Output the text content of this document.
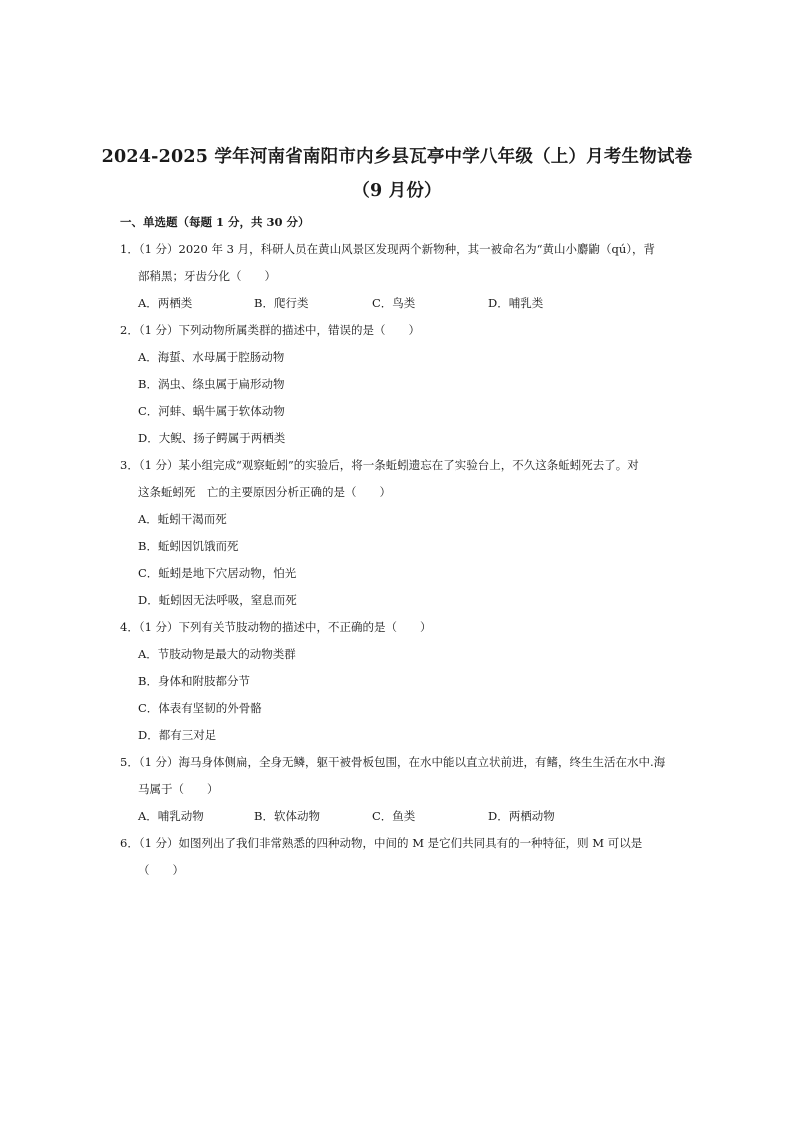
2024-2025 学年河南省南阳市内乡县瓦亭中学八年级（上）月考生物试卷
（9 月份）
一、单选题（每题 1 分，共 30 分）
1．（1 分）2020 年 3 月，科研人员在黄山风景区发现两个新物种，其一被命名为“黄山小麝鼩（qú），背
部稍黑；牙齿分化（　　）
A．两栖类	B．爬行类	C．鸟类	D．哺乳类
2．（1 分）下列动物所属类群的描述中，错误的是（　　）
A．海蜇、水母属于腔肠动物
B．涡虫、绦虫属于扁形动物
C．河蚌、蜗牛属于软体动物
D．大鲵、扬子鳄属于两栖类
3．（1 分）某小组完成“观察蚯蚓”的实验后，将一条蚯蚓遗忘在了实验台上，不久这条蚯蚓死去了。对
这条蚯蚓死　亡的主要原因分析正确的是（　　）
A．蚯蚓干渴而死
B．蚯蚓因饥饿而死
C．蚯蚓是地下穴居动物，怕光
D．蚯蚓因无法呼吸，窒息而死
4．（1 分）下列有关节肢动物的描述中，不正确的是（　　）
A．节肢动物是最大的动物类群
B．身体和附肢都分节
C．体表有坚韧的外骨骼
D．都有三对足
5．（1 分）海马身体侧扁，全身无鳞，躯干被骨板包围，在水中能以直立状前进，有鳍，终生生活在水中.海
马属于（　　）
A．哺乳动物	B．软体动物	C．鱼类	D．两栖动物
6．（1 分）如图列出了我们非常熟悉的四种动物，中间的 M 是它们共同具有的一种特征，则 M 可以是
（　　）
